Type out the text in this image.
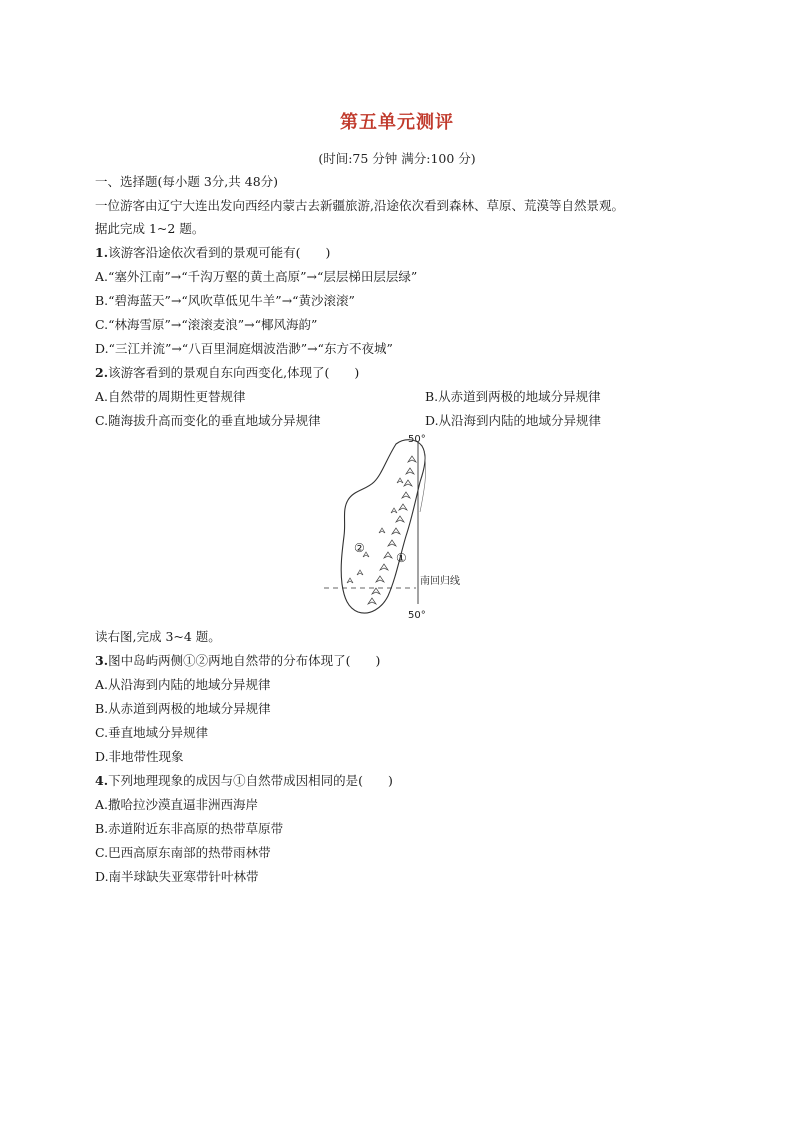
第五单元测评
(时间:75 分钟 满分:100 分)
一、选择题(每小题 3分,共 48分)
一位游客由辽宁大连出发向西经内蒙古去新疆旅游,沿途依次看到森林、草原、荒漠等自然景观。
据此完成 1~2 题。
1.该游客沿途依次看到的景观可能有(　　)
A.“塞外江南”→“千沟万壑的黄土高原”→“层层梯田层层绿”
B.“碧海蓝天”→“风吹草低见牛羊”→“黄沙滚滚”
C.“林海雪原”→“滚滚麦浪”→“椰风海韵”
D.“三江并流”→“八百里洞庭烟波浩渺”→“东方不夜城”
2.该游客看到的景观自东向西变化,体现了(　　)
A.自然带的周期性更替规律	B.从赤道到两极的地域分异规律
C.随海拔升高而变化的垂直地域分异规律	D.从沿海到内陆的地域分异规律
50°
50°
南回归线
②
①
读右图,完成 3~4 题。
3.图中岛屿两侧①②两地自然带的分布体现了(　　)
A.从沿海到内陆的地域分异规律
B.从赤道到两极的地域分异规律
C.垂直地域分异规律
D.非地带性现象
4.下列地理现象的成因与①自然带成因相同的是(　　)
A.撒哈拉沙漠直逼非洲西海岸
B.赤道附近东非高原的热带草原带
C.巴西高原东南部的热带雨林带
D.南半球缺失亚寒带针叶林带
